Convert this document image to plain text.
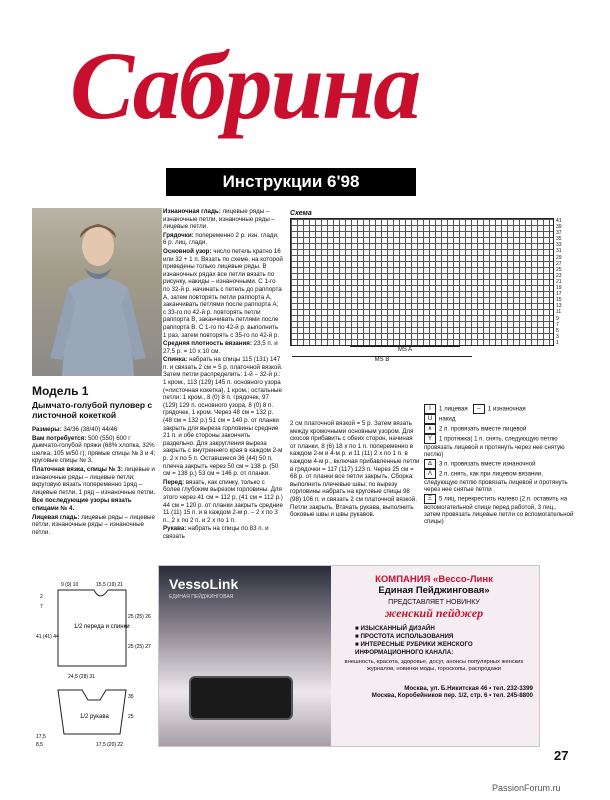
Сабрина
Инструкции 6'98
Модель 1
Дымчато-голубой пуловер с листочной кокеткой

Размеры: 34/36 (38/40) 44/46

Вам потребуется: 500 (550) 600 г дымчато-голубой пряжи (68% хлопка, 32% шелка, 105 м/50 г); прямые спицы № 3 и 4; круговые спицы № 3.

Платочная вязка, спицы № 3: лицевые и изнаночные ряды – лицевые петли; вкруговую вязать попеременно 1ряд – лицевые петли, 1 ряд – изнаночные петли.

Все последующие узоры вязать спицами № 4.

Лицевая гладь: лицевые ряды – лицевые петли, изнаночные ряды – изнаночные петли.

Изнаночная гладь: лицевые ряды – изнаночные петли, изнаночные ряды – лицевые петли.

Грядочки: попеременно 2 р. изн. глади, 6 р. лиц. глади.

Основной узор: число петель кратно 16 или 32 + 1 п. Вязать по схеме, на которой приведены только лицевые ряды. В изнаночных рядах все петли вязать по рисунку, накиды – изнаночными. С 1-го по 32-й р. начинать с петель до раппорта А, затем повторять петли раппорта А, заканчивать петлями после раппорта А; с 33-го по 42-й р. повторять петли раппорта В, заканчивать петлями после раппорта В. С 1-го по 42-й р. выполнить 1 раз, затем повторять с 35-го по 42-й р.

Средняя плотность вязания: 23,5 п. и 27,5 р. = 10 х 10 см.

Спинка: набрать на спицы 115 (131) 147 п. и связать 2 см = 5 р. платочной вязкой. Затем петли распределить: 1-й – 32-й р.: 1 кром., 113 (129) 145 п. основного узора (=листочная кокетка), 1 кром.; остальные петли: 1 кром., 8 (0) 8 п. грядочек, 97 (129) 129 п. основного узора, 8 (0) 8 п. грядочек, 1 кром. Через 48 см = 132 р. (48 см = 132 р.) 51 см = 140 р. от планки закрыть для выреза горловины средние 21 п. и обе стороны закончить раздельно. Для закругления выреза закрыть с внутреннего края в каждом 2-м р. 2 х по 5 п. Оставшиеся 36 (44) 50 п. плечча закрыть через 50 см = 138 р. (50 см = 138 р.) 53 см = 146 р. от планки.

Перед: вязать, как спинку, только с более глубоким вырезом горловины. Для этого через 41 см = 112 р. (41 см = 112 р.) 44 см = 120 р. от планки закрыть средние 11 (11) 15 п. и в каждом 2-м р. – 2 х по 3 п., 2 х по 2 п. и 2 х по 1 п.

Рукава: набрать на спицы по 83 п. и связать

Схема
41
39
37
35
33
31
29
27
25
23
21
19
17
15
13
11
9
7
5
3
1
MS A
MS B
2 см платочной вязкой = 5 р. Затем вязать между кромочными основным узором. Для скосов прибавить с обеих сторон, начиная от планки, 8 (6) 18 х по 1 п. попеременно в каждом 2-м и 4-м р. и 11 (11) 2 х по 1 п. в каждом 4-м р., включая прибавленные петли в грядочки = 117 (117) 123 п. Через 25 см = 68 р. от планки все петли закрыть. Сборка: выполнить плечевые швы; по вырезу горловины набрать на круговые спицы 98 (98) 106 п. и связать 2 см платочной вязкой. Петли закрыть. Втачать рукава, выполнить боковые швы и швы рукавов.
I 1 лицевая – 1 изнаночная
U накид
∧ 2 п. провязать вместе лицевой
Y 1 протяжка( 1 п. снять, следующую петлю провязать лицевой и протянуть через нее снятую петлю)
∆ 3 п. провязать вместе изнаночной
Λ 2 п. снять, как при лицевом вязании, следующую петлю провязать лицевой и протянуть через нее снятые петли
Ξ 5 лиц. перекрестить налево (2 п. оставить на вспомогательной спице перед работой, 3 лиц., затем провязать лицевые петли со вспомогательной спицы)
1/2 переда и спинки
1/2 рукава
9 (9) 10	15,5 (19) 21
2
7
41 (41) 44
25 (25) 26
25 (25) 27
24,5 (28) 31
35
25
17,5
8,5	17,5 (20) 22
VessoLink
ЕДИНАЯ ПЕЙДЖИНГОВАЯ
КОМПАНИЯ «Вессо-Линк
Единая Пейджинговая»
ПРЕДСТАВЛЯЕТ НОВИНКУ
женский пейджер
■ ИЗЫСКАННЫЙ ДИЗАЙН
■ ПРОСТОТА ИСПОЛЬЗОВАНИЯ
■ ИНТЕРЕСНЫЕ РУБРИКИ ЖЕНСКОГО ИНФОРМАЦИОННОГО КАНАЛА:
внешность, красота, здоровье, досуг, анонсы популярных женских журналов, новинки моды, гороскопы, распродажи
Москва, ул. Б.Никитская 46 • тел. 232-3399
Москва, Коробейников пер. 1/2, стр. 6 • тел. 245-8800
27
PassionForum.ru
